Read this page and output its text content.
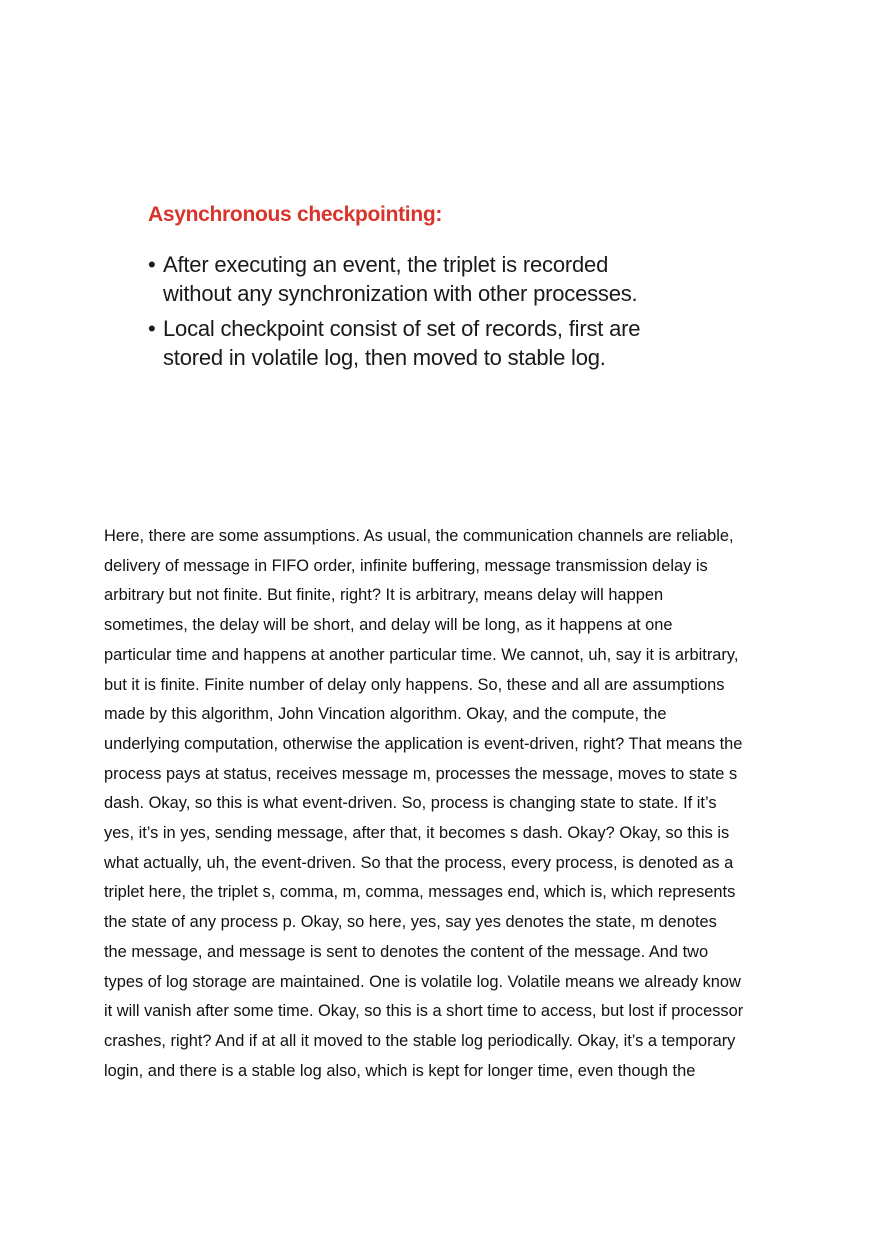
Asynchronous checkpointing:
• After executing an event, the triplet is recorded
without any synchronization with other processes.
• Local checkpoint consist of set of records, first are
stored in volatile log, then moved to stable log.

Here, there are some assumptions. As usual, the communication channels are reliable,
delivery of message in FIFO order, infinite buffering, message transmission delay is
arbitrary but not finite. But finite, right? It is arbitrary, means delay will happen
sometimes, the delay will be short, and delay will be long, as it happens at one
particular time and happens at another particular time. We cannot, uh, say it is arbitrary,
but it is finite. Finite number of delay only happens. So, these and all are assumptions
made by this algorithm, John Vincation algorithm. Okay, and the compute, the
underlying computation, otherwise the application is event-driven, right? That means the
process pays at status, receives message m, processes the message, moves to state s
dash. Okay, so this is what event-driven. So, process is changing state to state. If it’s
yes, it’s in yes, sending message, after that, it becomes s dash. Okay? Okay, so this is
what actually, uh, the event-driven. So that the process, every process, is denoted as a
triplet here, the triplet s, comma, m, comma, messages end, which is, which represents
the state of any process p. Okay, so here, yes, say yes denotes the state, m denotes
the message, and message is sent to denotes the content of the message. And two
types of log storage are maintained. One is volatile log. Volatile means we already know
it will vanish after some time. Okay, so this is a short time to access, but lost if processor
crashes, right? And if at all it moved to the stable log periodically. Okay, it’s a temporary
login, and there is a stable log also, which is kept for longer time, even though the
